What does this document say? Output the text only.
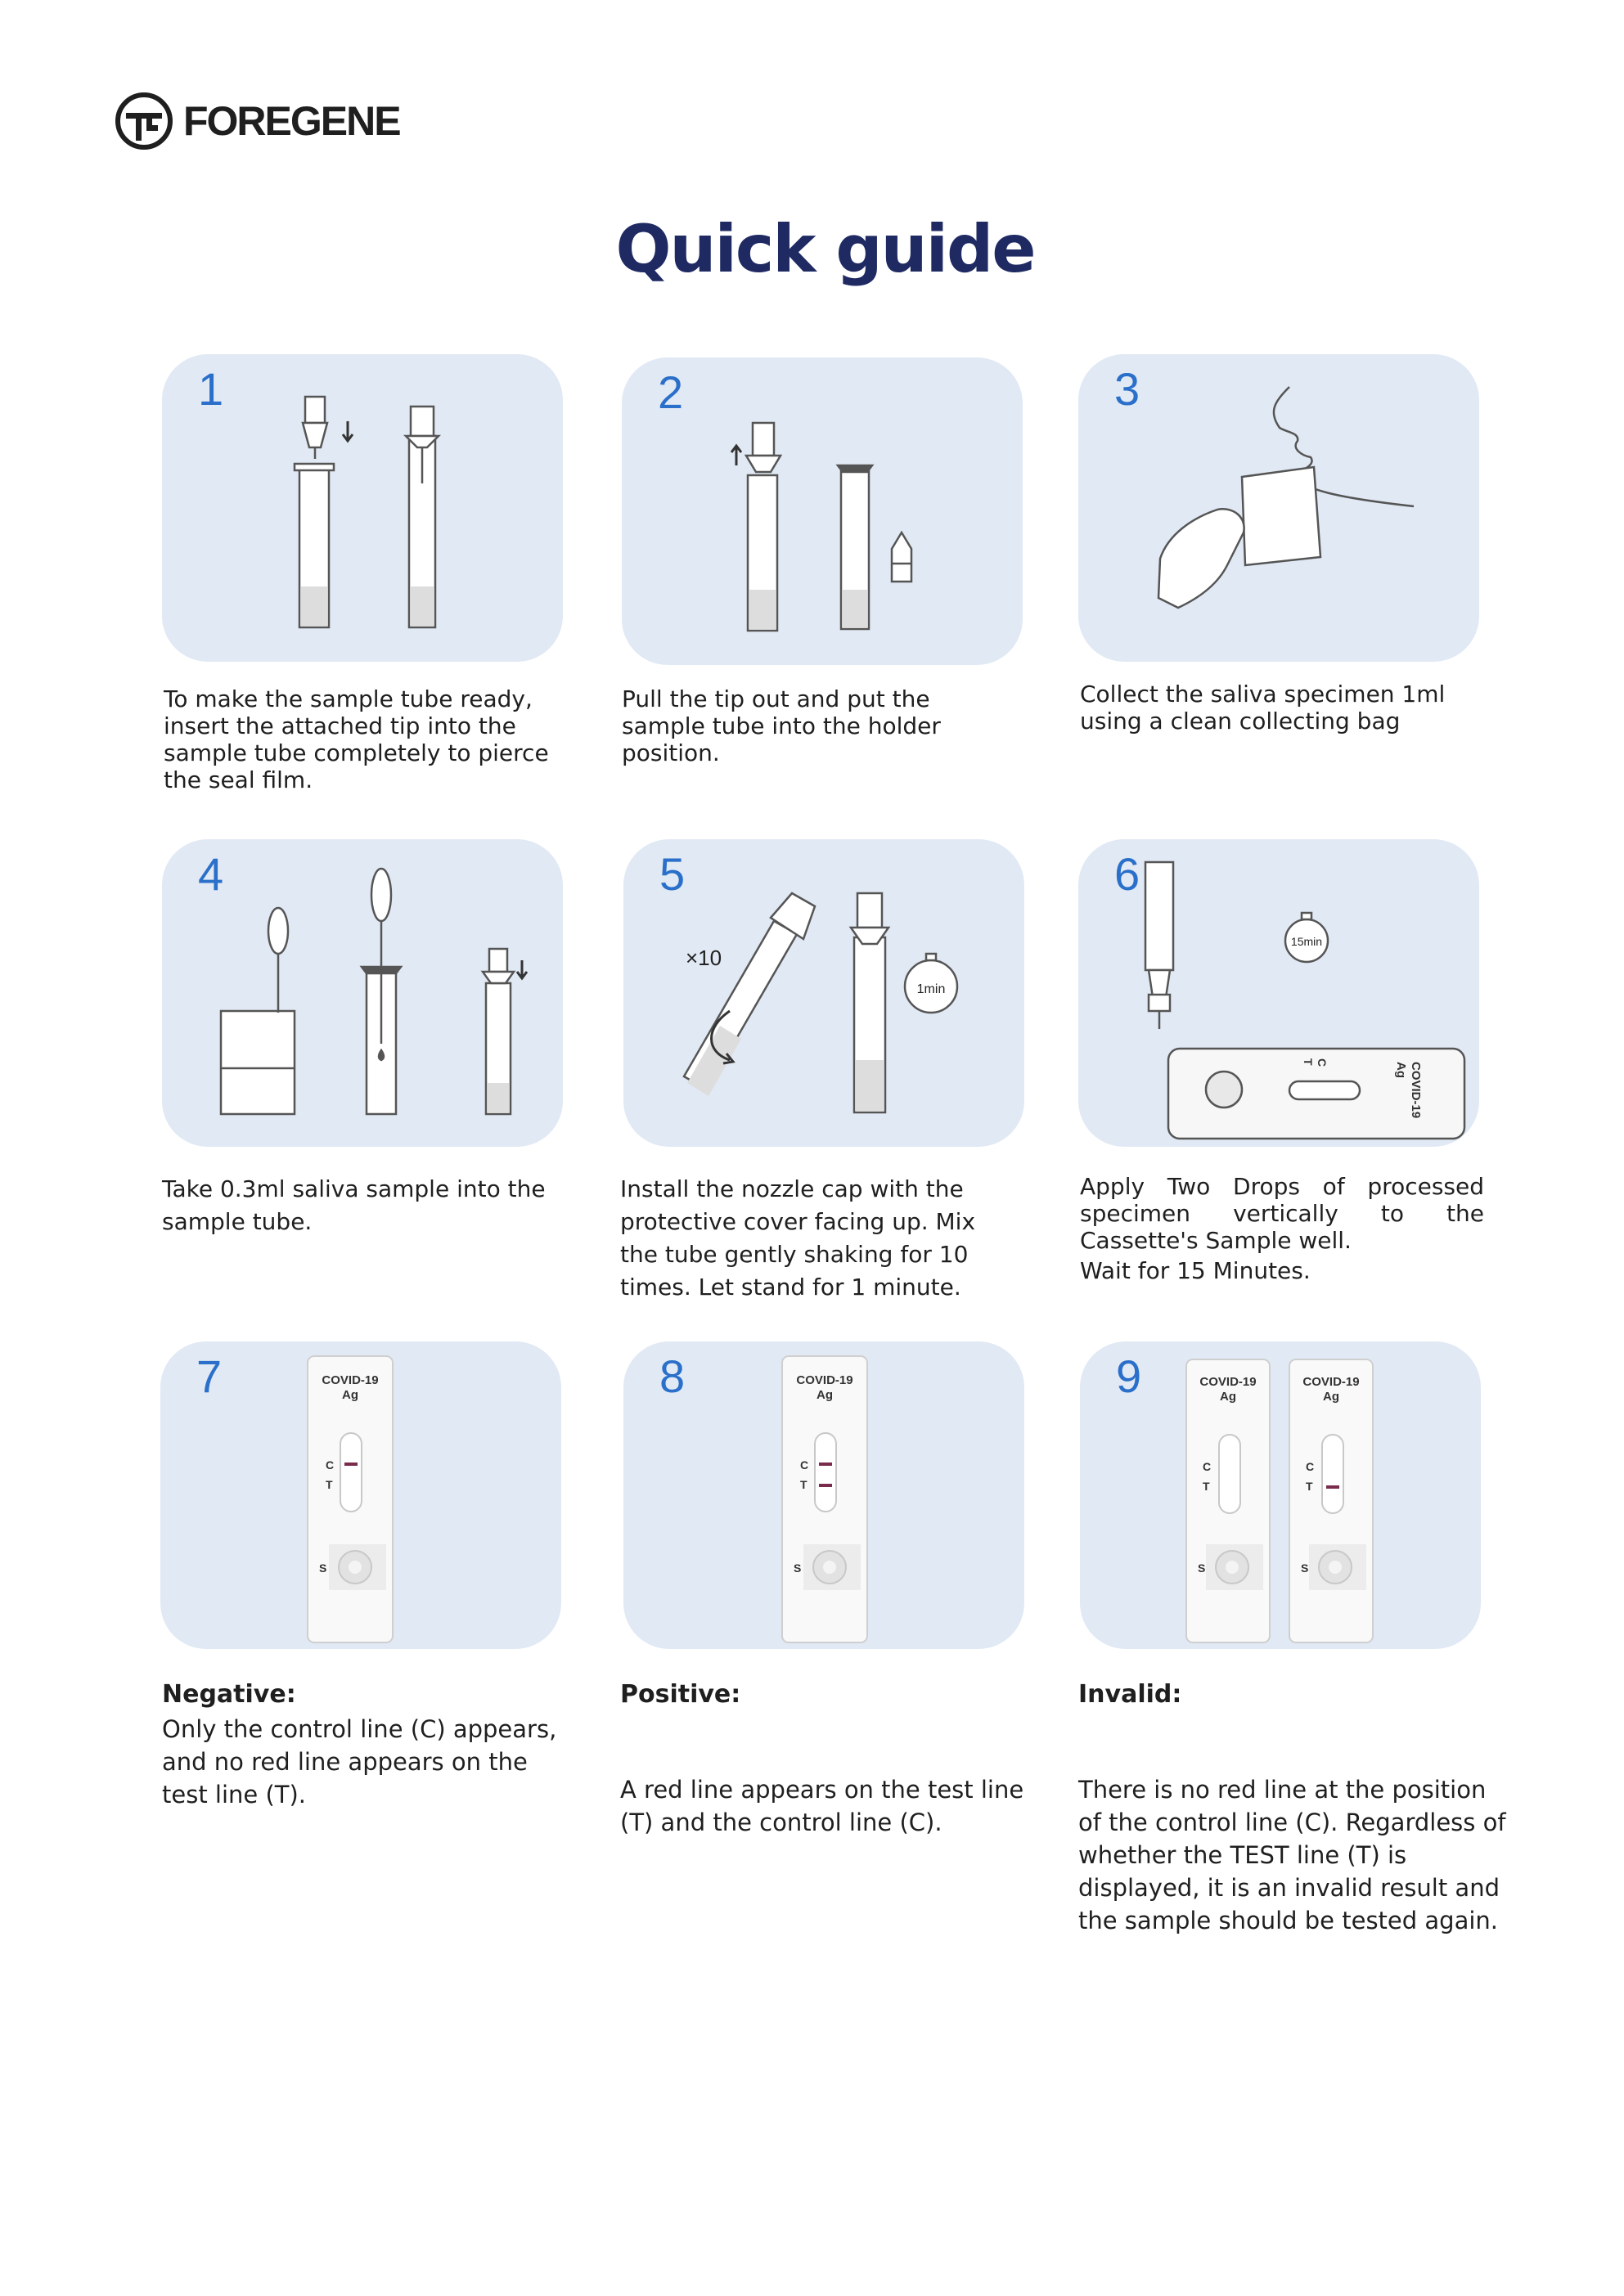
FOREGENE
Quick guide
1	2	3
To make the sample tube ready, insert the attached tip into the sample tube completely to pierce the seal film.
Pull the tip out and put the sample tube into the holder position.
Collect the saliva specimen 1ml using a clean collecting bag
4
×10
1min
5
15min
COVID-19
Ag
C
T
6
Take 0.3ml saliva sample into the sample tube.
Install the nozzle cap with the protective cover facing up. Mix the tube gently shaking for 10 times. Let stand for 1 minute.

Apply Two Drops of processed specimen vertically to the Cassette's Sample well.

Wait for 15 Minutes.

COVID-19
Ag
C
T
S
7	COVID-19
Ag
C
T
S
8	COVID-19
Ag
C
T
S
COVID-19
Ag
C
T
S
9
Negative:
Only the control line (C) appears, and no red line appears on the test line (T).
Positive:
A red line appears on the test line (T) and the control line (C).
Invalid:
There is no red line at the position of the control line (C). Regardless of whether the TEST line (T) is displayed, it is an invalid result and the sample should be tested again.
